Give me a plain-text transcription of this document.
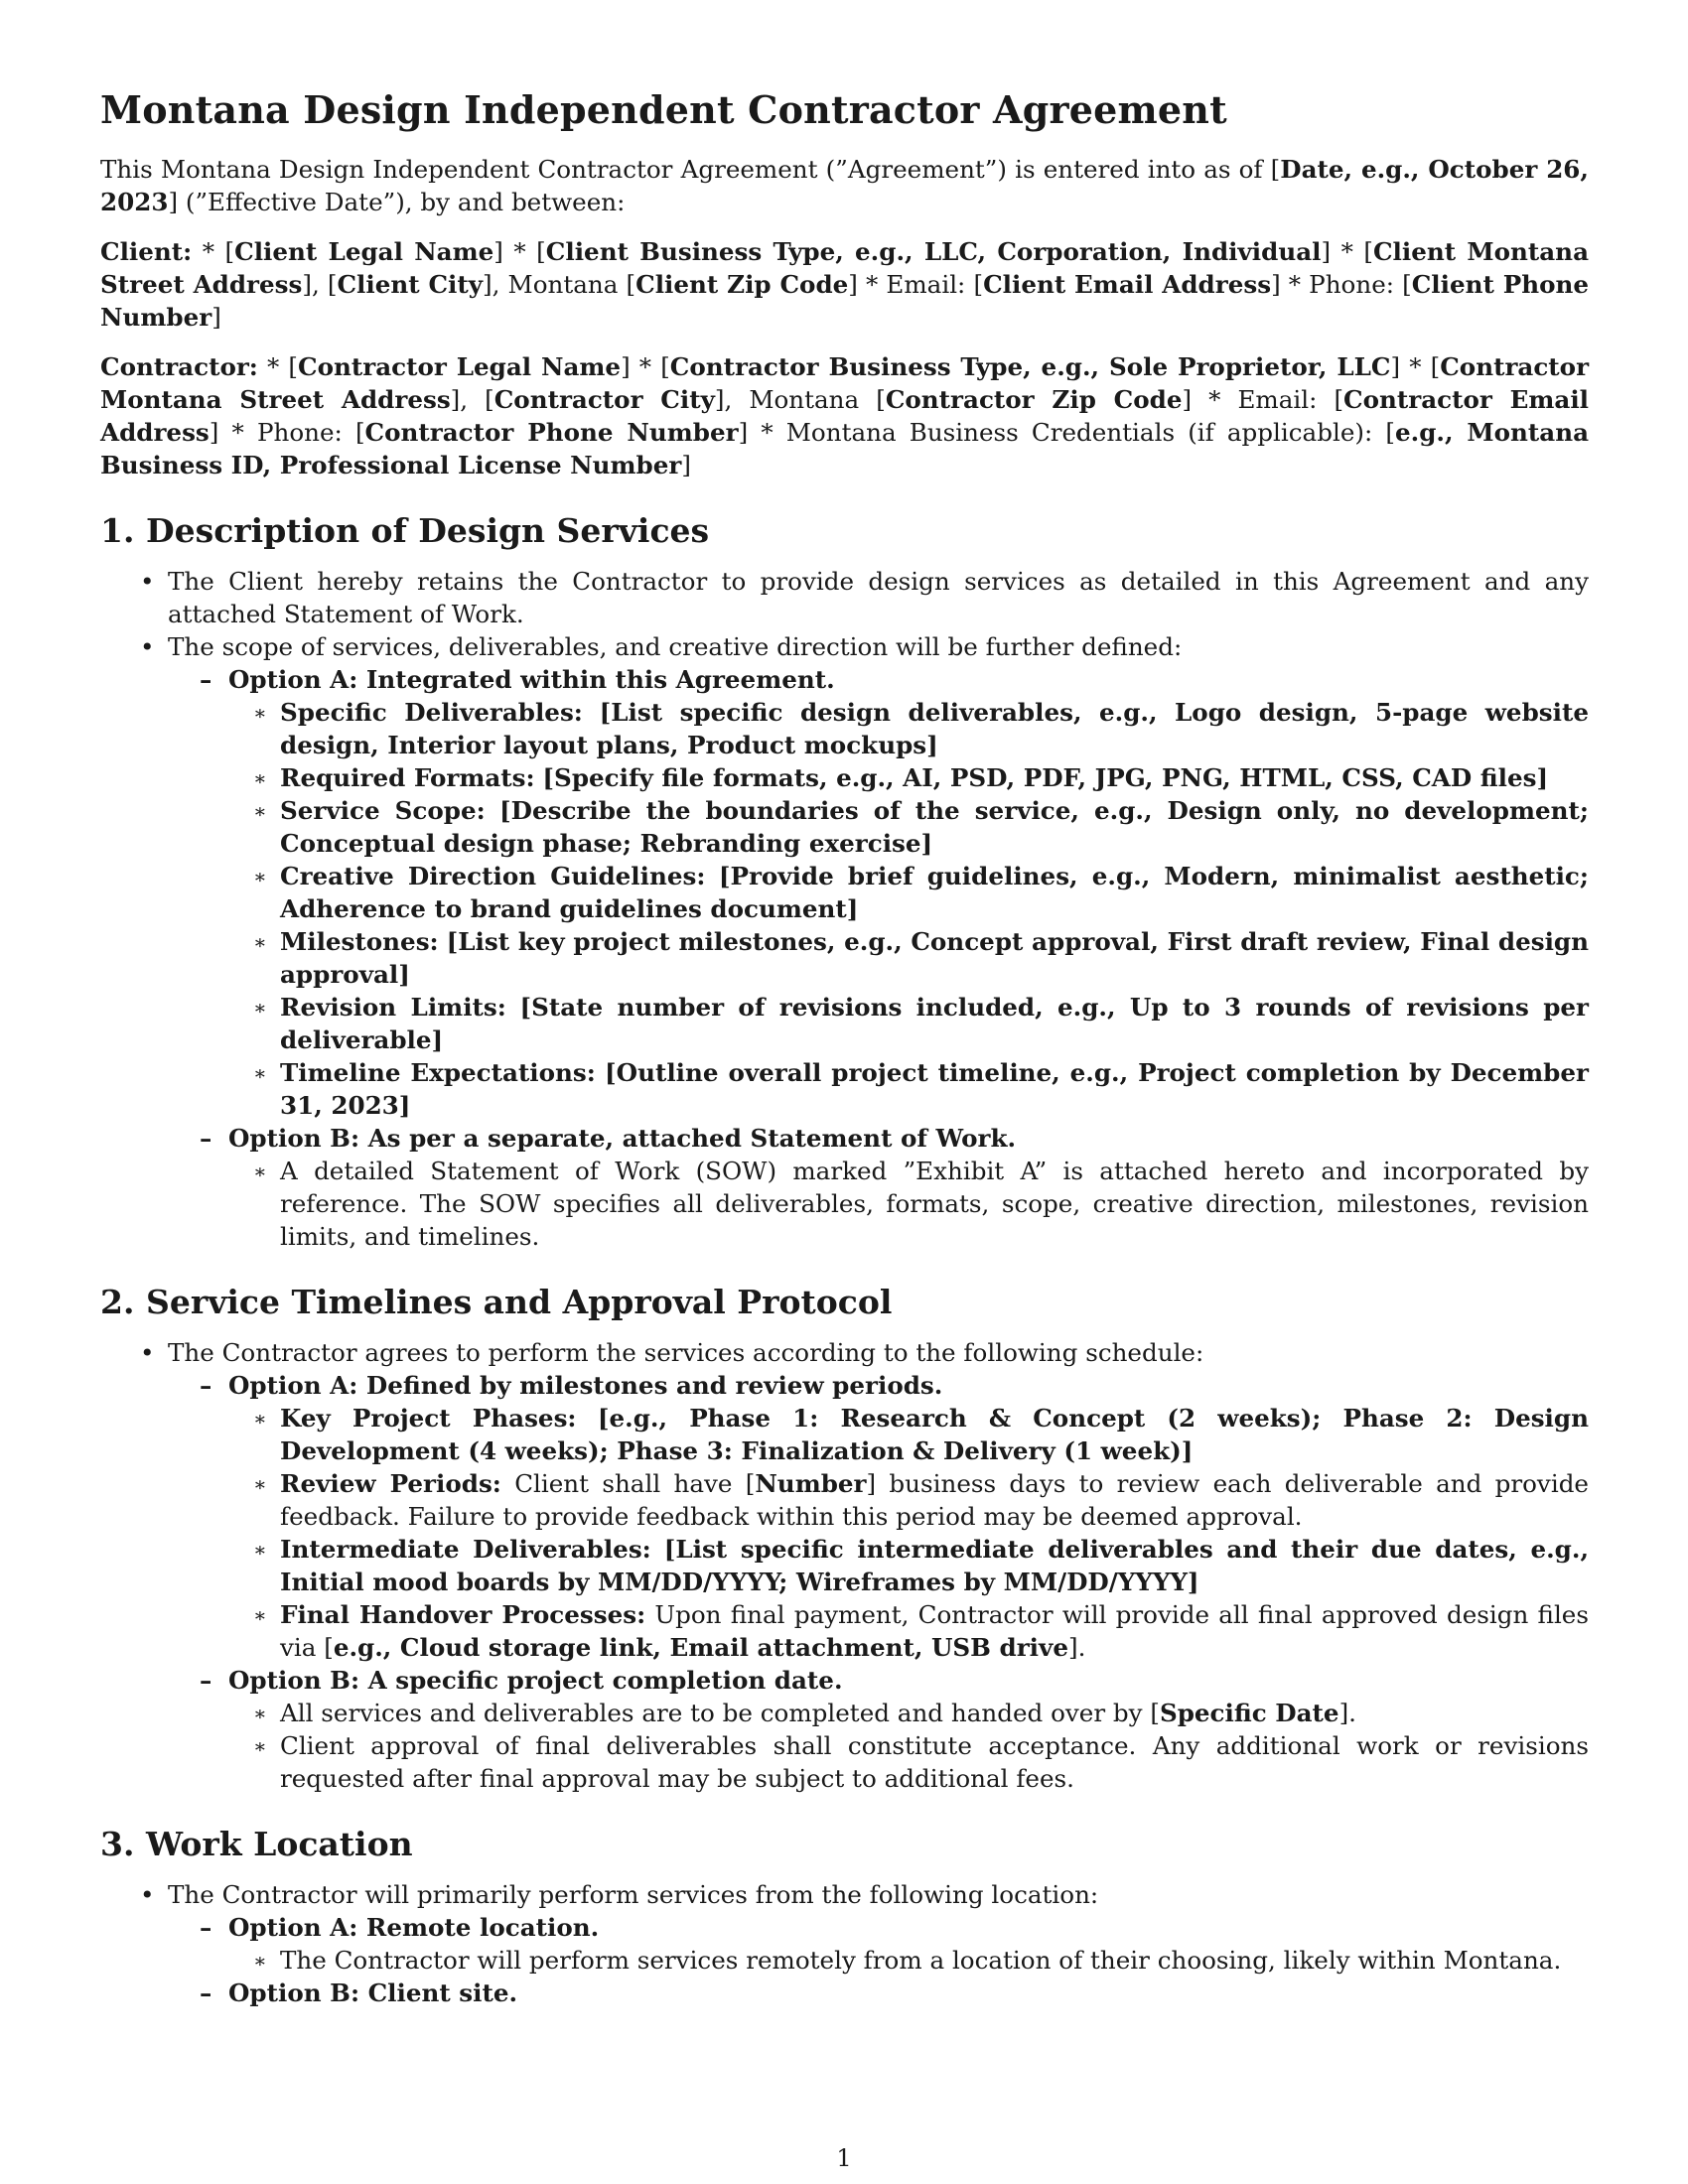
Montana Design Independent Contractor Agreement

This Montana Design Independent Contractor Agreement (”Agreement”) is entered into as of [Date, e.g., October 26, 2023] (”Effective Date”), by and between:

Client: * [Client Legal Name] * [Client Business Type, e.g., LLC, Corporation, Individual] * [Client Montana Street Address], [Client City], Montana [Client Zip Code] * Email: [Client Email Address] * Phone: [Client Phone Number]

Contractor: * [Contractor Legal Name] * [Contractor Business Type, e.g., Sole Proprietor, LLC] * [Contractor Montana Street Address], [Contractor City], Montana [Contractor Zip Code] * Email: [Contractor Email Address] * Phone: [Contractor Phone Number] * Montana Business Credentials (if applicable): [e.g., Montana Business ID, Professional License Number]

1. Description of Design Services
• The Client hereby retains the Contractor to provide design services as detailed in this Agreement and any attached Statement of Work.
• The scope of services, deliverables, and creative direction will be further defined:
– Option A: Integrated within this Agreement.
∗ Specific Deliverables: [List specific design deliverables, e.g., Logo design, 5-page website design, Interior layout plans, Product mockups]
∗ Required Formats: [Specify file formats, e.g., AI, PSD, PDF, JPG, PNG, HTML, CSS, CAD files]
∗ Service Scope: [Describe the boundaries of the service, e.g., Design only, no development; Conceptual design phase; Rebranding exercise]
∗ Creative Direction Guidelines: [Provide brief guidelines, e.g., Modern, minimalist aesthetic; Adherence to brand guidelines document]
∗ Milestones: [List key project milestones, e.g., Concept approval, First draft review, Final design approval]
∗ Revision Limits: [State number of revisions included, e.g., Up to 3 rounds of revisions per deliverable]
∗ Timeline Expectations: [Outline overall project timeline, e.g., Project completion by December 31, 2023]
– Option B: As per a separate, attached Statement of Work.
∗ A detailed Statement of Work (SOW) marked ”Exhibit A” is attached hereto and incorporated by reference. The SOW specifies all deliverables, formats, scope, creative direction, milestones, revision limits, and timelines.
2. Service Timelines and Approval Protocol
• The Contractor agrees to perform the services according to the following schedule:
– Option A: Defined by milestones and review periods.
∗ Key Project Phases: [e.g., Phase 1: Research & Concept (2 weeks); Phase 2: Design Development (4 weeks); Phase 3: Finalization & Delivery (1 week)]
∗ Review Periods: Client shall have [Number] business days to review each deliverable and provide feedback. Failure to provide feedback within this period may be deemed approval.
∗ Intermediate Deliverables: [List specific intermediate deliverables and their due dates, e.g., Initial mood boards by MM/DD/YYYY; Wireframes by MM/DD/YYYY]
∗ Final Handover Processes: Upon final payment, Contractor will provide all final approved design files via [e.g., Cloud storage link, Email attachment, USB drive].
– Option B: A specific project completion date.
∗ All services and deliverables are to be completed and handed over by [Specific Date].
∗ Client approval of final deliverables shall constitute acceptance. Any additional work or revisions requested after final approval may be subject to additional fees.
3. Work Location
• The Contractor will primarily perform services from the following location:
– Option A: Remote location.
∗ The Contractor will perform services remotely from a location of their choosing, likely within Montana.
– Option B: Client site.
1
